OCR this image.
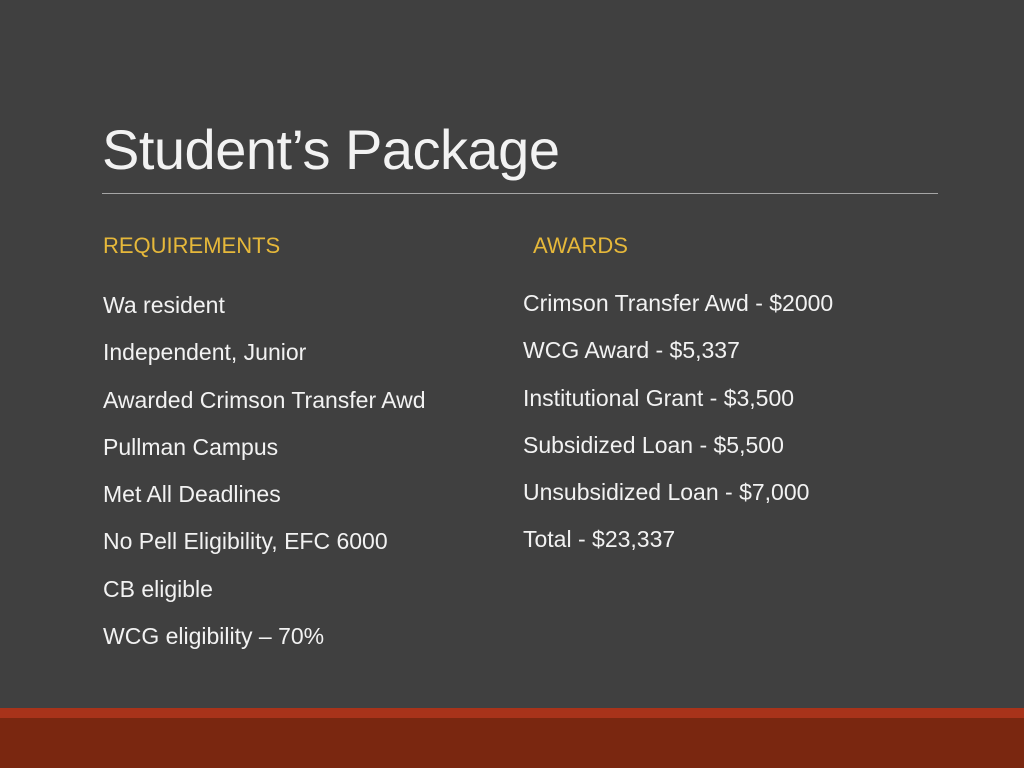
Student’s Package
REQUIREMENTS	AWARDS
Wa resident
Independent, Junior
Awarded Crimson Transfer Awd
Pullman Campus
Met All Deadlines
No Pell Eligibility, EFC 6000
CB eligible
WCG eligibility – 70%
Crimson Transfer Awd - $2000
WCG Award - $5,337
Institutional Grant - $3,500
Subsidized Loan - $5,500
Unsubsidized Loan - $7,000
Total - $23,337
